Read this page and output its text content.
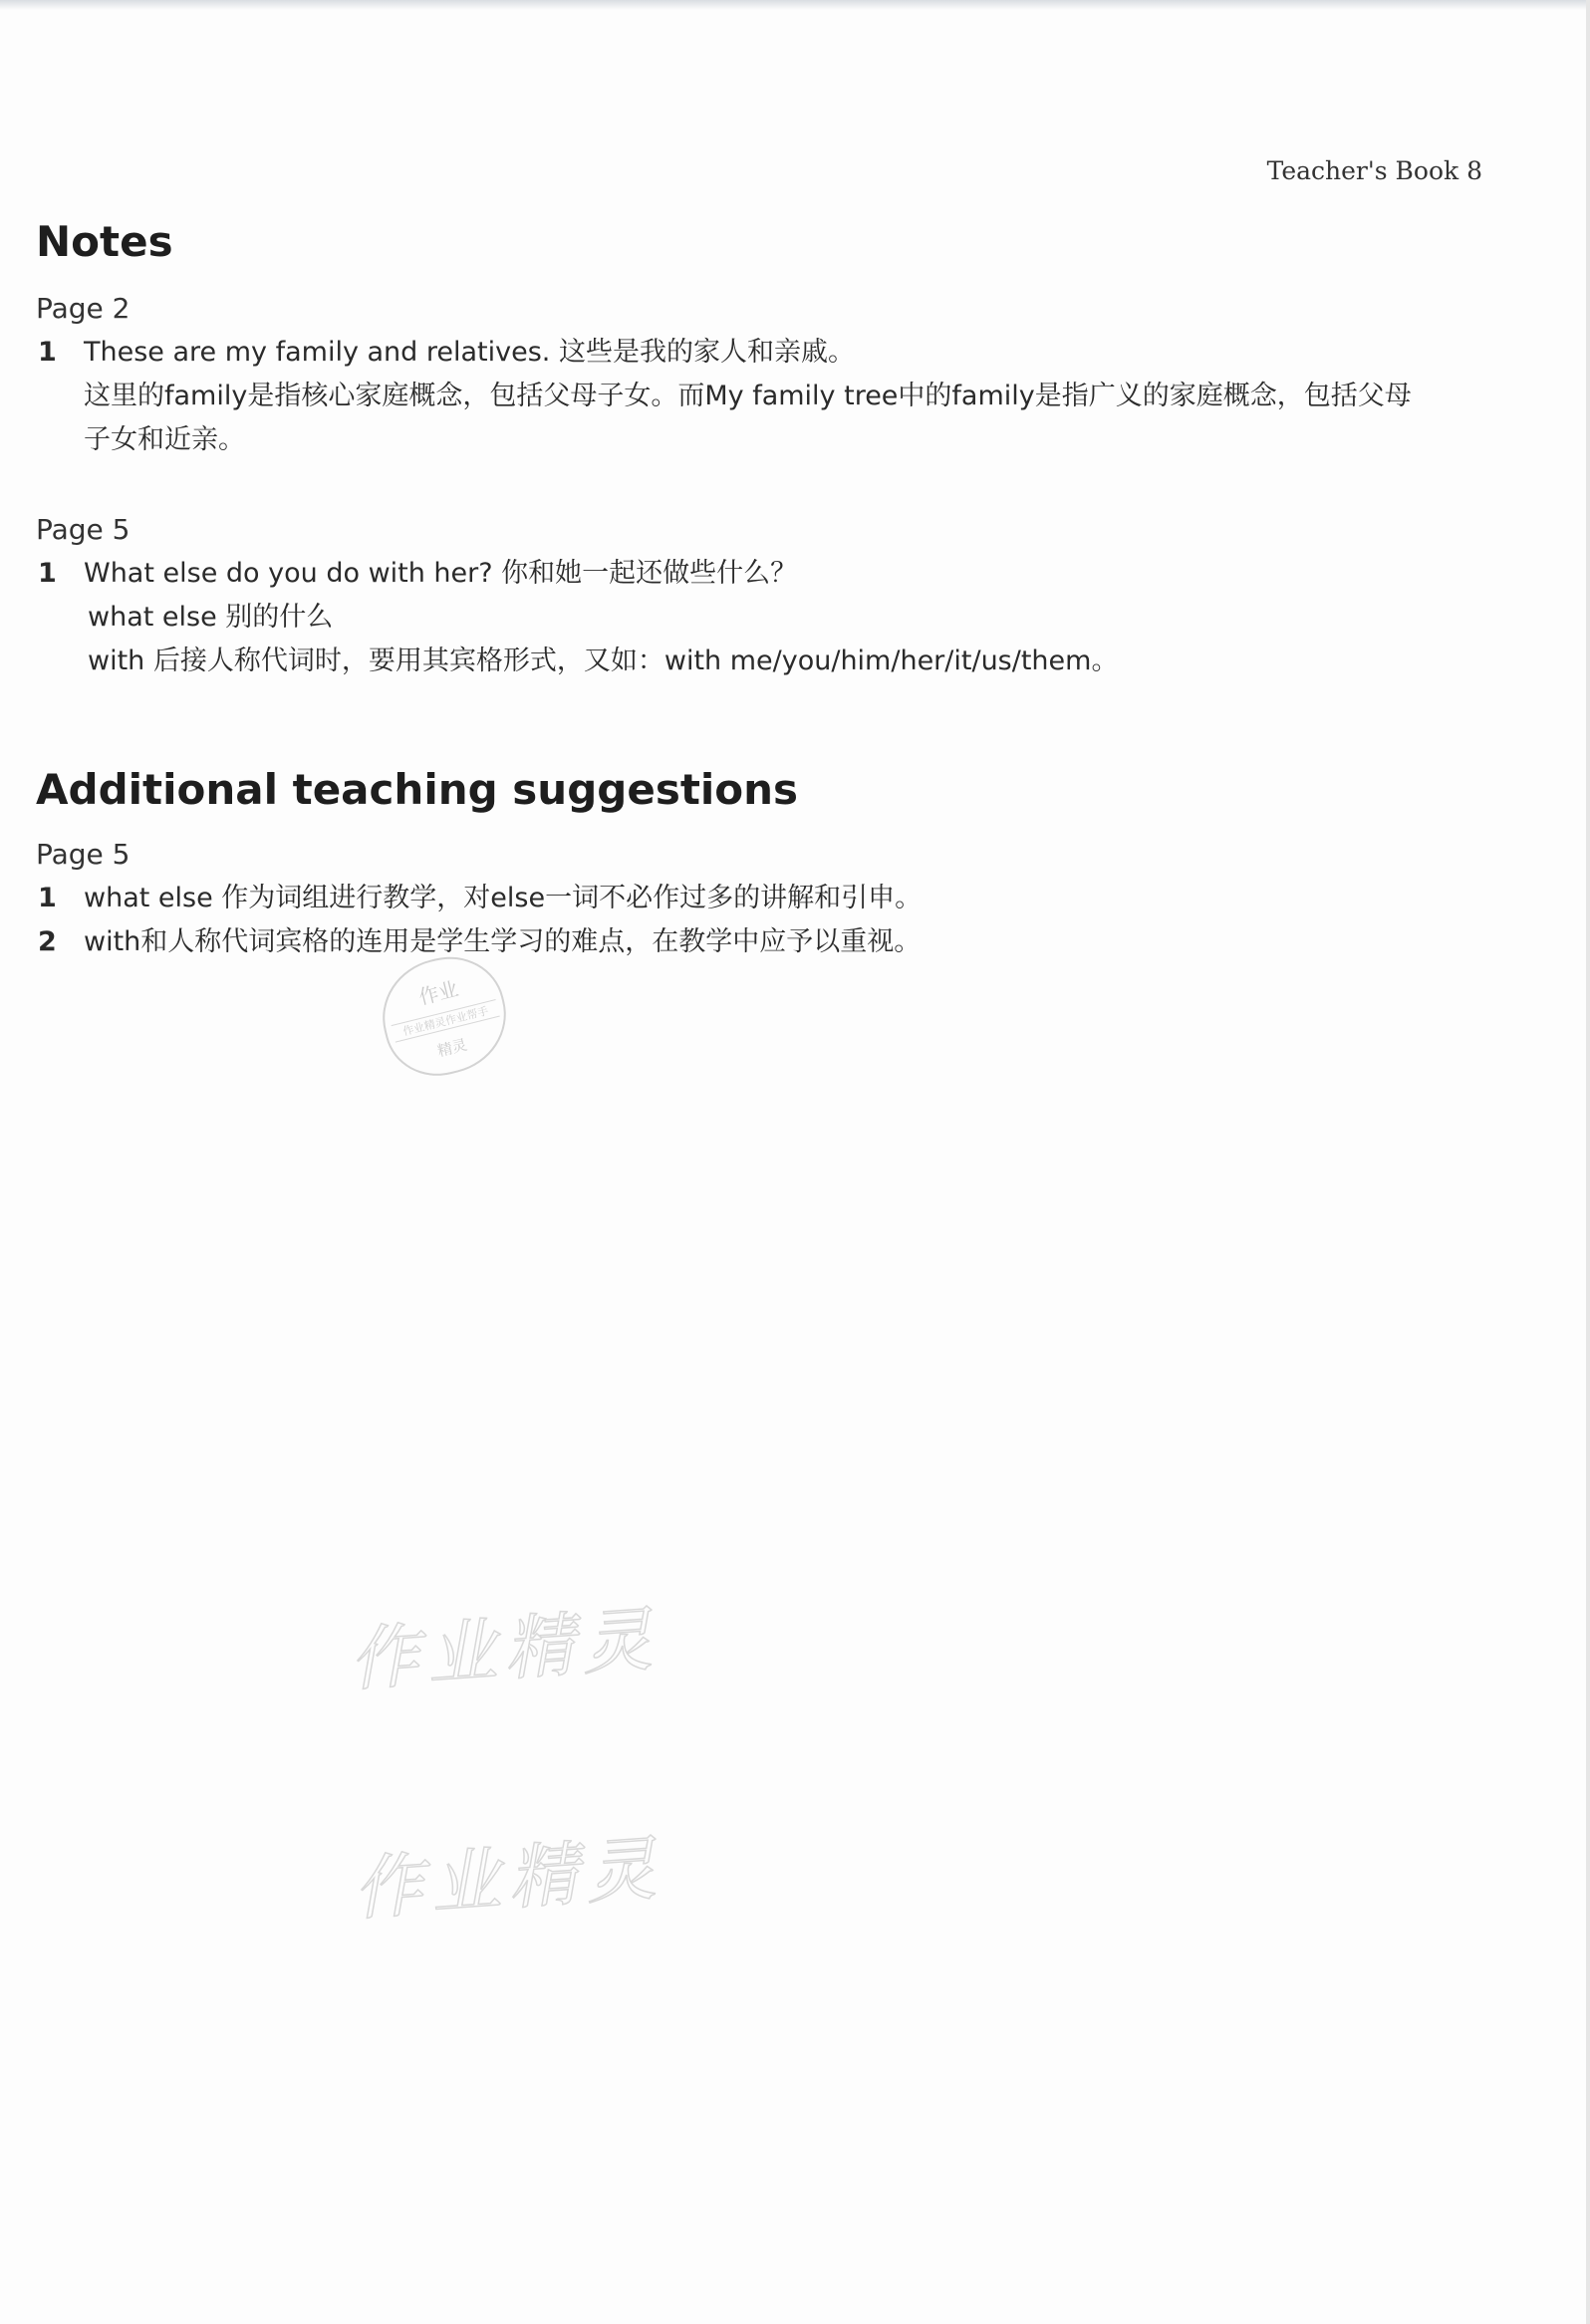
Teacher's Book 8
Notes
Page 2
1 These are my family and relatives. 这些是我的家人和亲戚。
这里的family是指核心家庭概念，包括父母子女。而My family tree中的family是指广义的家庭概念，包括父母
子女和近亲。
Page 5
1 What else do you do with her? 你和她一起还做些什么？
what else 别的什么
with 后接人称代词时，要用其宾格形式，又如：with me/you/him/her/it/us/them。
Additional teaching suggestions
Page 5
1 what else 作为词组进行教学，对else一词不必作过多的讲解和引申。
2 with和人称代词宾格的连用是学生学习的难点，在教学中应予以重视。
作业
作业精灵作业帮手
精灵
作业精灵
作业精灵
